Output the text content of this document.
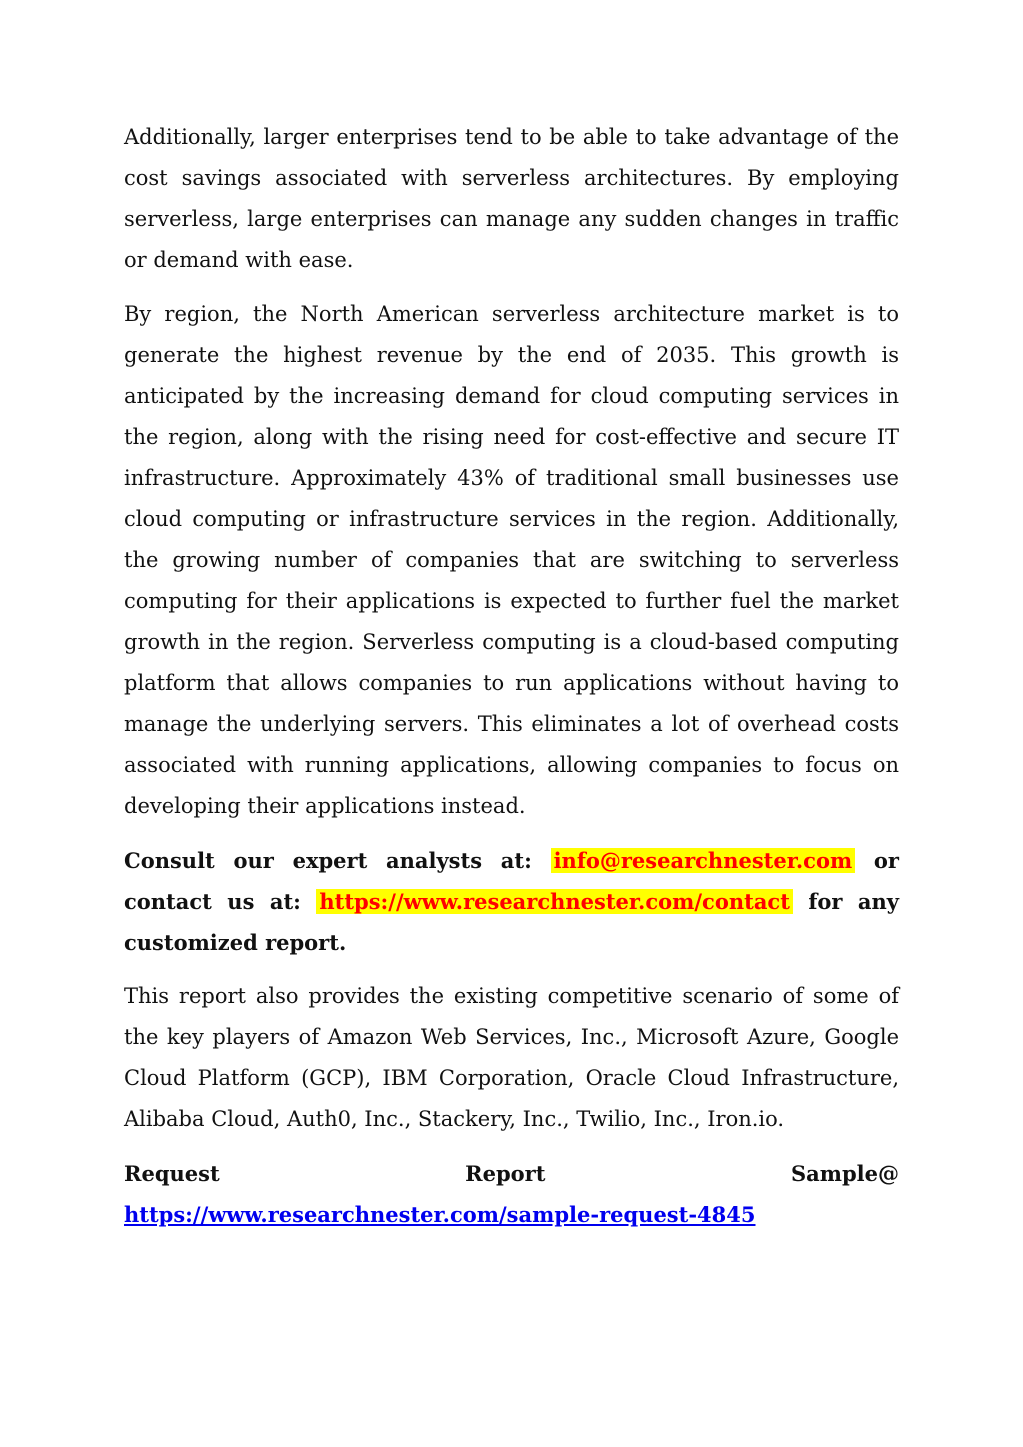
Additionally, larger enterprises tend to be able to take advantage of the cost savings associated with serverless architectures. By employing serverless, large enterprises can manage any sudden changes in traffic or demand with ease.

By region, the North American serverless architecture market is to generate the highest revenue by the end of 2035. This growth is anticipated by the increasing demand for cloud computing services in the region, along with the rising need for cost-effective and secure IT infrastructure. Approximately 43% of traditional small businesses use cloud computing or infrastructure services in the region. Additionally, the growing number of companies that are switching to serverless computing for their applications is expected to further fuel the market growth in the region. Serverless computing is a cloud-based computing platform that allows companies to run applications without having to manage the underlying servers. This eliminates a lot of overhead costs associated with running applications, allowing companies to focus on developing their applications instead.

Consult our expert analysts at: info@researchnester.com or contact us at: https://www.researchnester.com/contact for any customized report.

This report also provides the existing competitive scenario of some of the key players of Amazon Web Services, Inc., Microsoft Azure, Google Cloud Platform (GCP), IBM Corporation, Oracle Cloud Infrastructure, Alibaba Cloud, Auth0, Inc., Stackery, Inc., Twilio, Inc., Iron.io.

Request	Report	Sample@
https://www.researchnester.com/sample-request-4845
